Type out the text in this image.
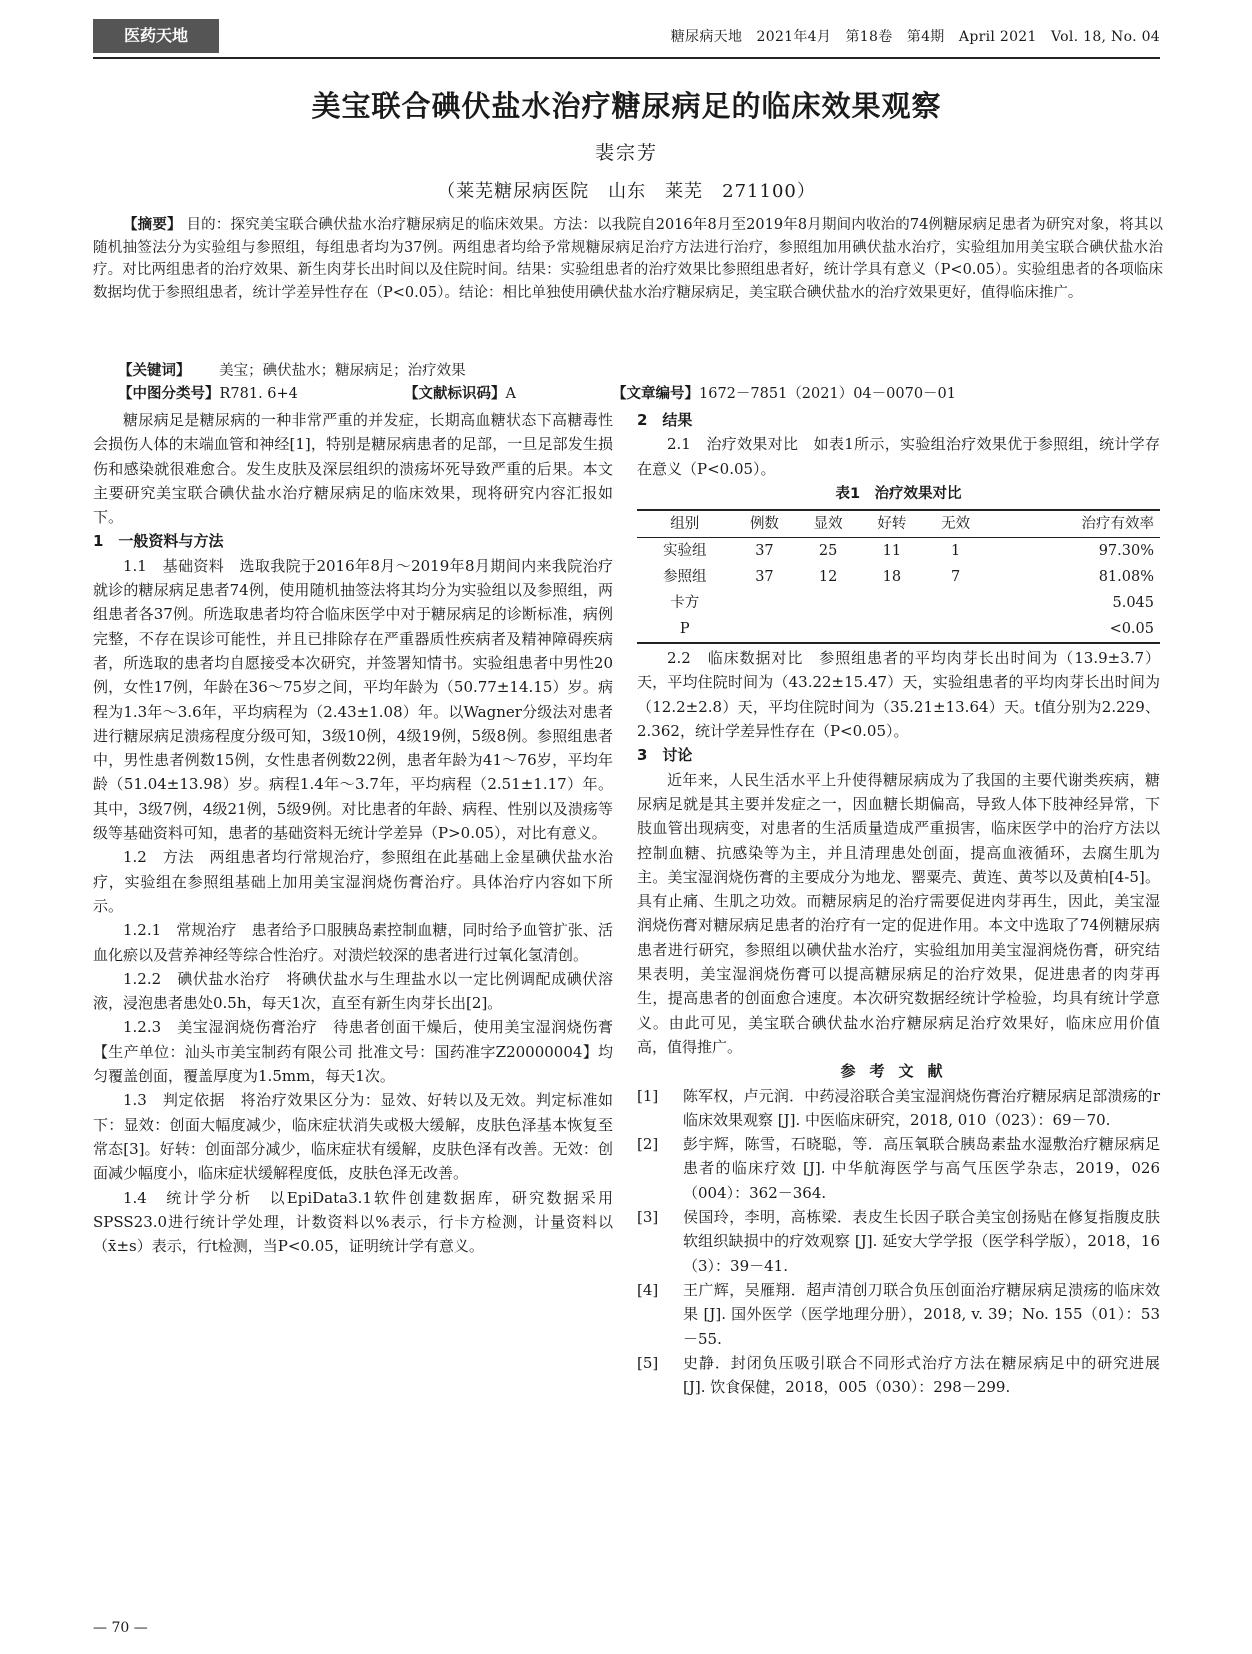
医药天地	糖尿病天地　2021年4月　第18卷　第4期　April 2021　Vol. 18, No. 04
美宝联合碘伏盐水治疗糖尿病足的临床效果观察
裴宗芳
（莱芜糖尿病医院　山东　莱芜　271100）
【摘要】 目的：探究美宝联合碘伏盐水治疗糖尿病足的临床效果。方法：以我院自2016年8月至2019年8月期间内收治的74例糖尿病足患者为研究对象，将其以随机抽签法分为实验组与参照组，每组患者均为37例。两组患者均给予常规糖尿病足治疗方法进行治疗，参照组加用碘伏盐水治疗，实验组加用美宝联合碘伏盐水治疗。对比两组患者的治疗效果、新生肉芽长出时间以及住院时间。结果：实验组患者的治疗效果比参照组患者好，统计学具有意义（P<0.05）。实验组患者的各项临床数据均优于参照组患者，统计学差异性存在（P<0.05）。结论：相比单独使用碘伏盐水治疗糖尿病足，美宝联合碘伏盐水的治疗效果更好，值得临床推广。
【关键词】 美宝；碘伏盐水；糖尿病足；治疗效果
【中图分类号】R781. 6+4	【文献标识码】A	【文章编号】1672－7851（2021）04－0070－01

糖尿病足是糖尿病的一种非常严重的并发症，长期高血糖状态下高糖毒性会损伤人体的末端血管和神经[1]，特别是糖尿病患者的足部，一旦足部发生损伤和感染就很难愈合。发生皮肤及深层组织的溃疡坏死导致严重的后果。本文主要研究美宝联合碘伏盐水治疗糖尿病足的临床效果，现将研究内容汇报如下。

1　一般资料与方法

1.1　基础资料　选取我院于2016年8月～2019年8月期间内来我院治疗就诊的糖尿病足患者74例，使用随机抽签法将其均分为实验组以及参照组，两组患者各37例。所选取患者均符合临床医学中对于糖尿病足的诊断标准，病例完整，不存在误诊可能性，并且已排除存在严重器质性疾病者及精神障碍疾病者，所选取的患者均自愿接受本次研究，并签署知情书。实验组患者中男性20例，女性17例，年龄在36～75岁之间，平均年龄为（50.77±14.15）岁。病程为1.3年～3.6年，平均病程为（2.43±1.08）年。以Wagner分级法对患者进行糖尿病足溃疡程度分级可知，3级10例，4级19例，5级8例。参照组患者中，男性患者例数15例，女性患者例数22例，患者年龄为41～76岁，平均年龄（51.04±13.98）岁。病程1.4年～3.7年，平均病程（2.51±1.17）年。其中，3级7例，4级21例，5级9例。对比患者的年龄、病程、性别以及溃疡等级等基础资料可知，患者的基础资料无统计学差异（P>0.05），对比有意义。

1.2　方法　两组患者均行常规治疗，参照组在此基础上金星碘伏盐水治疗，实验组在参照组基础上加用美宝湿润烧伤膏治疗。具体治疗内容如下所示。

1.2.1　常规治疗　患者给予口服胰岛素控制血糖，同时给予血管扩张、活血化瘀以及营养神经等综合性治疗。对溃烂较深的患者进行过氧化氢清创。

1.2.2　碘伏盐水治疗　将碘伏盐水与生理盐水以一定比例调配成碘伏溶液，浸泡患者患处0.5h，每天1次，直至有新生肉芽长出[2]。

1.2.3　美宝湿润烧伤膏治疗　待患者创面干燥后，使用美宝湿润烧伤膏【生产单位：汕头市美宝制药有限公司 批准文号：国药准字Z20000004】均匀覆盖创面，覆盖厚度为1.5mm，每天1次。

1.3　判定依据　将治疗效果区分为：显效、好转以及无效。判定标准如下：显效：创面大幅度减少，临床症状消失或极大缓解，皮肤色泽基本恢复至常态[3]。好转：创面部分减少，临床症状有缓解，皮肤色泽有改善。无效：创面减少幅度小，临床症状缓解程度低，皮肤色泽无改善。

1.4　统计学分析　以EpiData3.1软件创建数据库，研究数据采用SPSS23.0进行统计学处理，计数资料以%表示，行卡方检测，计量资料以（x̄±s）表示，行t检测，当P<0.05，证明统计学有意义。

2　结果

2.1　治疗效果对比　如表1所示，实验组治疗效果优于参照组，统计学存在意义（P<0.05）。

表1　治疗效果对比
组别	例数	显效	好转	无效	治疗有效率
实验组	37	25	11	1	97.30%
参照组	37	12	18	7	81.08%
卡方					5.045
P					<0.05

2.2　临床数据对比　参照组患者的平均肉芽长出时间为（13.9±3.7）天，平均住院时间为（43.22±15.47）天，实验组患者的平均肉芽长出时间为（12.2±2.8）天，平均住院时间为（35.21±13.64）天。t值分别为2.229、2.362，统计学差异性存在（P<0.05）。

3　讨论

近年来，人民生活水平上升使得糖尿病成为了我国的主要代谢类疾病，糖尿病足就是其主要并发症之一，因血糖长期偏高，导致人体下肢神经异常，下肢血管出现病变，对患者的生活质量造成严重损害，临床医学中的治疗方法以控制血糖、抗感染等为主，并且清理患处创面，提高血液循环，去腐生肌为主。美宝湿润烧伤膏的主要成分为地龙、罂粟壳、黄连、黄芩以及黄柏[4-5]。具有止痛、生肌之功效。而糖尿病足的治疗需要促进肉芽再生，因此，美宝湿润烧伤膏对糖尿病足患者的治疗有一定的促进作用。本文中选取了74例糖尿病患者进行研究，参照组以碘伏盐水治疗，实验组加用美宝湿润烧伤膏，研究结果表明，美宝湿润烧伤膏可以提高糖尿病足的治疗效果，促进患者的肉芽再生，提高患者的创面愈合速度。本次研究数据经统计学检验，均具有统计学意义。由此可见，美宝联合碘伏盐水治疗糖尿病足治疗效果好，临床应用价值高，值得推广。

参考文献
[1]	陈军权，卢元润．中药浸浴联合美宝湿润烧伤膏治疗糖尿病足部溃疡的r临床效果观察 [J]. 中医临床研究，2018, 010（023）：69－70.
[2]	彭宇辉，陈雪，石晓聪，等．高压氧联合胰岛素盐水湿敷治疗糖尿病足患者的临床疗效 [J]. 中华航海医学与高气压医学杂志，2019，026（004）：362－364.
[3]	侯国玲，李明，高栋梁．表皮生长因子联合美宝创扬贴在修复指腹皮肤软组织缺损中的疗效观察 [J]. 延安大学学报（医学科学版），2018，16（3）：39－41.
[4]	王广辉，吴雁翔．超声清创刀联合负压创面治疗糖尿病足溃疡的临床效果 [J]. 国外医学（医学地理分册），2018, v. 39；No. 155（01）：53－55.
[5]	史静．封闭负压吸引联合不同形式治疗方法在糖尿病足中的研究进展 [J]. 饮食保健，2018，005（030）：298－299.
— 70 —
